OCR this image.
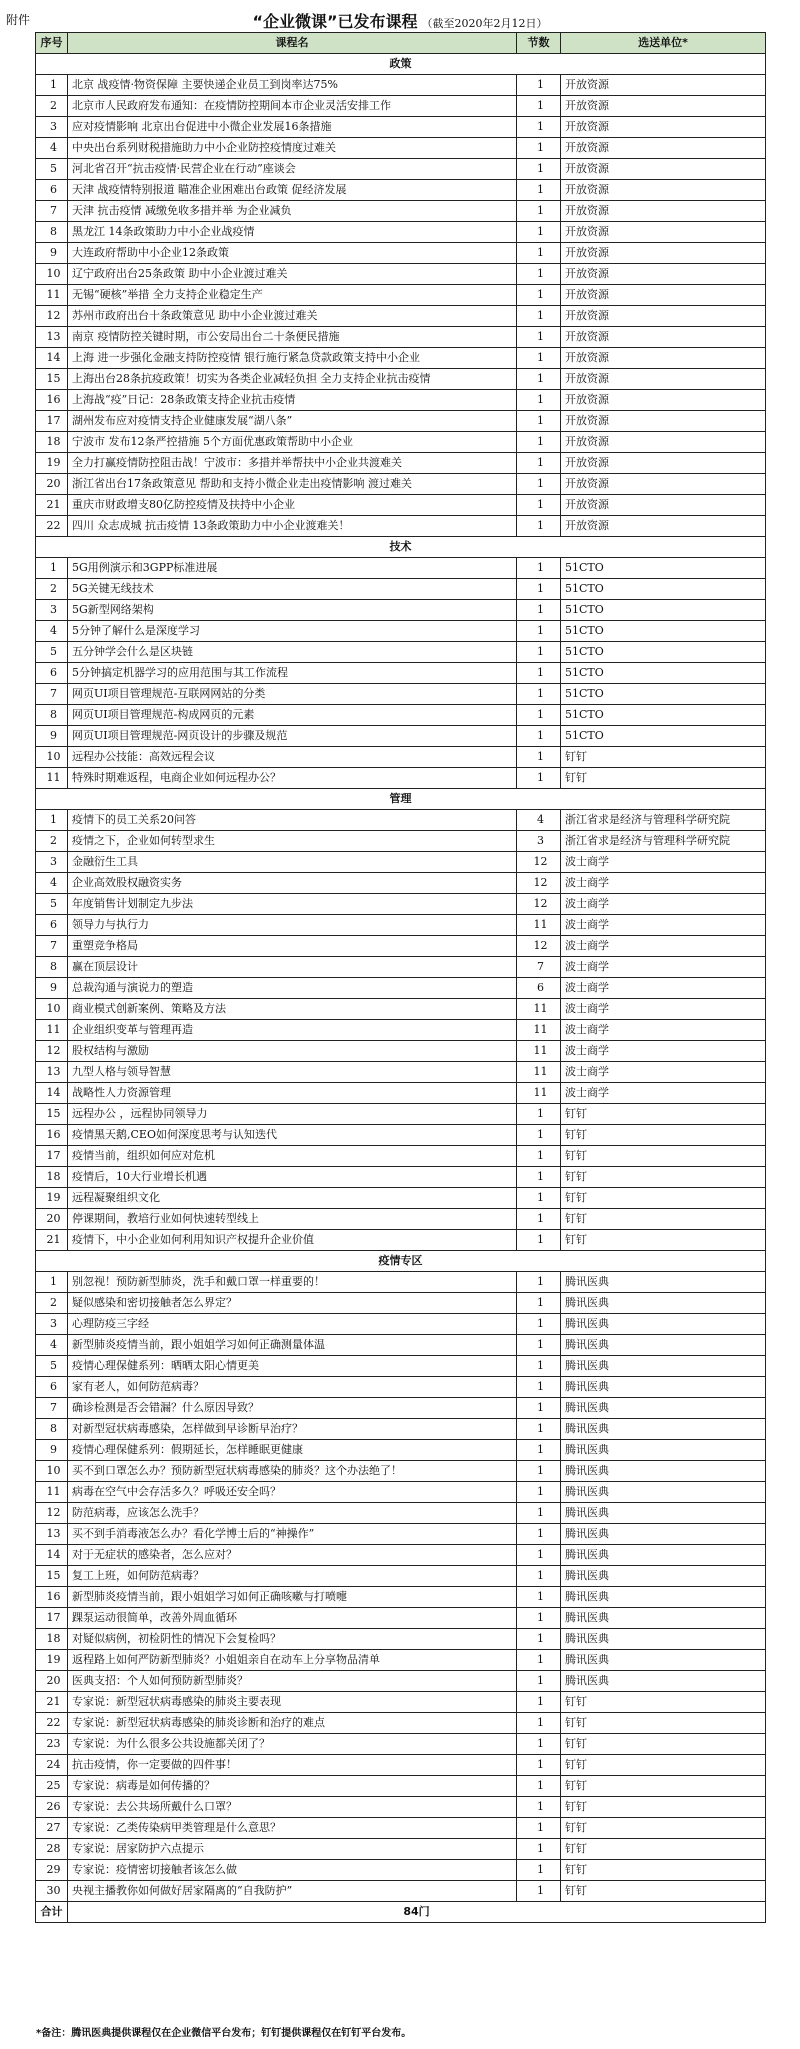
附件	“企业微课”已发布课程 （截至2020年2月12日）
序号	课程名	节数	选送单位*
政策			
1	北京 战疫情·物资保障 主要快递企业员工到岗率达75%	1	开放资源
2	北京市人民政府发布通知：在疫情防控期间本市企业灵活安排工作	1	开放资源
3	应对疫情影响 北京出台促进中小微企业发展16条措施	1	开放资源
4	中央出台系列财税措施助力中小企业防控疫情度过难关	1	开放资源
5	河北省召开“抗击疫情·民营企业在行动”座谈会	1	开放资源
6	天津 战疫情特别报道 瞄准企业困难出台政策 促经济发展	1	开放资源
7	天津 抗击疫情 减缴免收多措并举 为企业减负	1	开放资源
8	黑龙江 14条政策助力中小企业战疫情	1	开放资源
9	大连政府帮助中小企业12条政策	1	开放资源
10	辽宁政府出台25条政策 助中小企业渡过难关	1	开放资源
11	无锡“硬核”举措 全力支持企业稳定生产	1	开放资源
12	苏州市政府出台十条政策意见 助中小企业渡过难关	1	开放资源
13	南京 疫情防控关键时期，市公安局出台二十条便民措施	1	开放资源
14	上海 进一步强化金融支持防控疫情 银行施行紧急贷款政策支持中小企业	1	开放资源
15	上海出台28条抗疫政策！切实为各类企业减轻负担 全力支持企业抗击疫情	1	开放资源
16	上海战“疫”日记：28条政策支持企业抗击疫情	1	开放资源
17	湖州发布应对疫情支持企业健康发展“湖八条”	1	开放资源
18	宁波市 发布12条严控措施 5个方面优惠政策帮助中小企业	1	开放资源
19	全力打赢疫情防控阻击战！宁波市：多措并举帮扶中小企业共渡难关	1	开放资源
20	浙江省出台17条政策意见 帮助和支持小微企业走出疫情影响 渡过难关	1	开放资源
21	重庆市财政增支80亿防控疫情及扶持中小企业	1	开放资源
22	四川 众志成城 抗击疫情 13条政策助力中小企业渡难关！	1	开放资源
技术			
1	5G用例演示和3GPP标准进展	1	51CTO
2	5G关键无线技术	1	51CTO
3	5G新型网络架构	1	51CTO
4	5分钟了解什么是深度学习	1	51CTO
5	五分钟学会什么是区块链	1	51CTO
6	5分钟搞定机器学习的应用范围与其工作流程	1	51CTO
7	网页UI项目管理规范-互联网网站的分类	1	51CTO
8	网页UI项目管理规范-构成网页的元素	1	51CTO
9	网页UI项目管理规范-网页设计的步骤及规范	1	51CTO
10	远程办公技能：高效远程会议	1	钉钉
11	特殊时期难返程，电商企业如何远程办公？	1	钉钉
管理			
1	疫情下的员工关系20问答	4	浙江省求是经济与管理科学研究院
2	疫情之下，企业如何转型求生	3	浙江省求是经济与管理科学研究院
3	金融衍生工具	12	波士商学
4	企业高效股权融资实务	12	波士商学
5	年度销售计划制定九步法	12	波士商学
6	领导力与执行力	11	波士商学
7	重塑竞争格局	12	波士商学
8	赢在顶层设计	7	波士商学
9	总裁沟通与演说力的塑造	6	波士商学
10	商业模式创新案例、策略及方法	11	波士商学
11	企业组织变革与管理再造	11	波士商学
12	股权结构与激励	11	波士商学
13	九型人格与领导智慧	11	波士商学
14	战略性人力资源管理	11	波士商学
15	远程办公 ，远程协同领导力	1	钉钉
16	疫情黑天鹅,CEO如何深度思考与认知迭代	1	钉钉
17	疫情当前，组织如何应对危机	1	钉钉
18	疫情后，10大行业增长机遇	1	钉钉
19	远程凝聚组织文化	1	钉钉
20	停课期间，教培行业如何快速转型线上	1	钉钉
21	疫情下，中小企业如何利用知识产权提升企业价值	1	钉钉
疫情专区			
1	别忽视！预防新型肺炎，洗手和戴口罩一样重要的！	1	腾讯医典
2	疑似感染和密切接触者怎么界定？	1	腾讯医典
3	心理防疫三字经	1	腾讯医典
4	新型肺炎疫情当前，跟小姐姐学习如何正确测量体温	1	腾讯医典
5	疫情心理保健系列：晒晒太阳心情更美	1	腾讯医典
6	家有老人，如何防范病毒？	1	腾讯医典
7	确诊检测是否会错漏？什么原因导致？	1	腾讯医典
8	对新型冠状病毒感染，怎样做到早诊断早治疗？	1	腾讯医典
9	疫情心理保健系列：假期延长，怎样睡眠更健康	1	腾讯医典
10	买不到口罩怎么办？预防新型冠状病毒感染的肺炎？这个办法绝了！	1	腾讯医典
11	病毒在空气中会存活多久？呼吸还安全吗？	1	腾讯医典
12	防范病毒，应该怎么洗手？	1	腾讯医典
13	买不到手消毒液怎么办？看化学博士后的“神操作”	1	腾讯医典
14	对于无症状的感染者，怎么应对？	1	腾讯医典
15	复工上班，如何防范病毒？	1	腾讯医典
16	新型肺炎疫情当前，跟小姐姐学习如何正确咳嗽与打喷嚏	1	腾讯医典
17	踝泵运动很简单，改善外周血循环	1	腾讯医典
18	对疑似病例，初检阴性的情况下会复检吗？	1	腾讯医典
19	返程路上如何严防新型肺炎？小姐姐亲自在动车上分享物品清单	1	腾讯医典
20	医典支招：个人如何预防新型肺炎？	1	腾讯医典
21	专家说：新型冠状病毒感染的肺炎主要表现	1	钉钉
22	专家说：新型冠状病毒感染的肺炎诊断和治疗的难点	1	钉钉
23	专家说：为什么很多公共设施都关闭了？	1	钉钉
24	抗击疫情，你一定要做的四件事！	1	钉钉
25	专家说：病毒是如何传播的？	1	钉钉
26	专家说：去公共场所戴什么口罩？	1	钉钉
27	专家说：乙类传染病甲类管理是什么意思？	1	钉钉
28	专家说：居家防护六点提示	1	钉钉
29	专家说：疫情密切接触者该怎么做	1	钉钉
30	央视主播教你如何做好居家隔离的“自我防护”	1	钉钉
合计	84门		
*备注：腾讯医典提供课程仅在企业微信平台发布；钉钉提供课程仅在钉钉平台发布。
